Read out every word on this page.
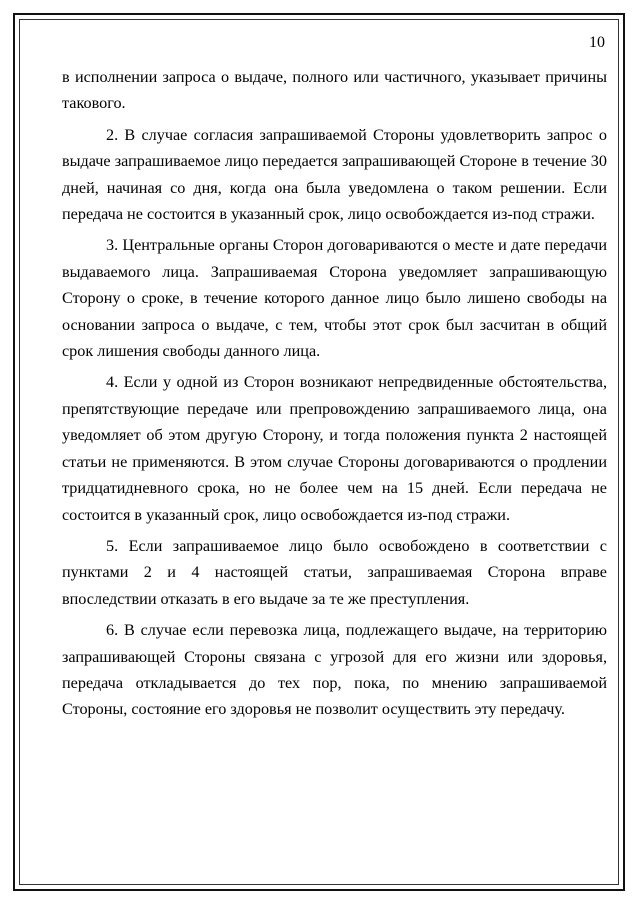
10

в исполнении запроса о выдаче, полного или частичного, указывает причины такового.

2. В случае согласия запрашиваемой Стороны удовлетворить запрос о выдаче запрашиваемое лицо передается запрашивающей Стороне в течение 30 дней, начиная со дня, когда она была уведомлена о таком решении. Если передача не состоится в указанный срок, лицо освобождается из-под стражи.

3. Центральные органы Сторон договариваются о месте и дате передачи выдаваемого лица. Запрашиваемая Сторона уведомляет запрашивающую Сторону о сроке, в течение которого данное лицо было лишено свободы на основании запроса о выдаче, с тем, чтобы этот срок был засчитан в общий срок лишения свободы данного лица.

4. Если у одной из Сторон возникают непредвиденные обстоятельства, препятствующие передаче или препровождению запрашиваемого лица, она уведомляет об этом другую Сторону, и тогда положения пункта 2 настоящей статьи не применяются. В этом случае Стороны договариваются о продлении тридцатидневного срока, но не более чем на 15 дней. Если передача не состоится в указанный срок, лицо освобождается из-под стражи.

5. Если запрашиваемое лицо было освобождено в соответствии с пунктами 2 и 4 настоящей статьи, запрашиваемая Сторона вправе впоследствии отказать в его выдаче за те же преступления.

6. В случае если перевозка лица, подлежащего выдаче, на территорию запрашивающей Стороны связана с угрозой для его жизни или здоровья, передача откладывается до тех пор, пока, по мнению запрашиваемой Стороны, состояние его здоровья не позволит осуществить эту передачу.
